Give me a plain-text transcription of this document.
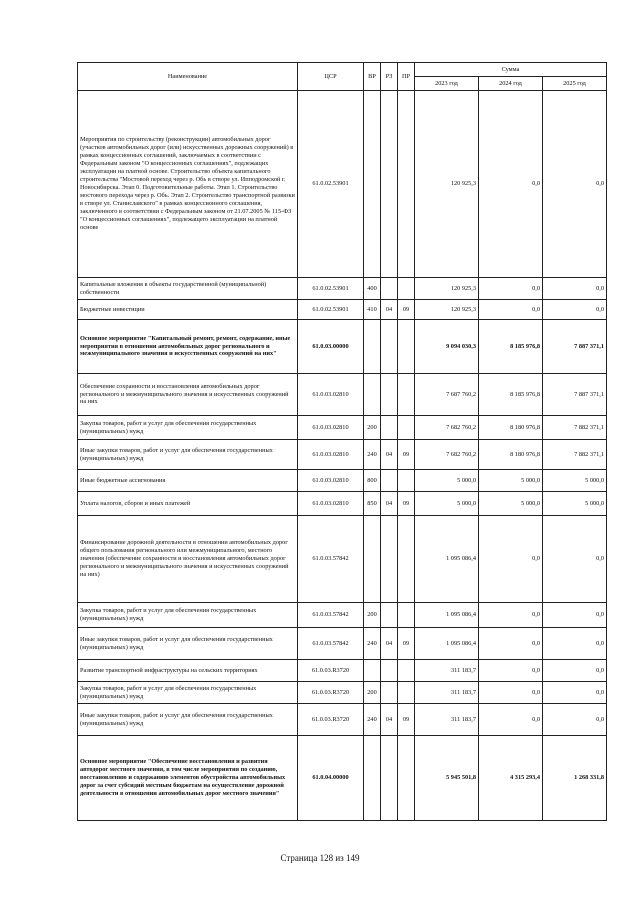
Наименование	ЦСР	ВР	РЗ	ПР	Сумма		
					2023 год	2024 год	2025 год
Мероприятия по строительству (реконструкции) автомобильных дорог (участков автомобильных дорог (или) искусственных дорожных сооружений) в рамках концессионных соглашений, заключаемых в соответствии с Федеральным законом "О концессионных соглашениях", подлежащих эксплуатации на платной основе. Строительство объекта капитального строительства "Мостовой переход через р. Обь в створе ул. Ипподромской г. Новосибирска. Этап 0. Подготовительные работы. Этап 1. Строительство мостового перехода через р. Обь. Этап 2. Строительство транспортной развязки в створе ул. Станиславского" в рамках концессионного соглашения, заключенного в соответствии с Федеральным законом от 21.07.2005 № 115-ФЗ "О концессионных соглашениях", подлежащего эксплуатации на платной основе	61.0.02.53901				120 925,3	0,0	0,0
Капитальные вложения в объекты государственной (муниципальной) собственности	61.0.02.53901	400			120 925,3	0,0	0,0
Бюджетные инвестиции	61.0.02.53901	410	04	09	120 925,3	0,0	0,0
Основное мероприятие "Капитальный ремонт, ремонт, содержание, иные мероприятия в отношении автомобильных дорог регионального и межмуниципального значения и искусственных сооружений на них"	61.0.03.00000				9 094 030,3	8 185 976,8	7 887 371,1
Обеспечение сохранности и восстановления автомобильных дорог регионального и межмуниципального значения и искусственных сооружений на них	61.0.03.02810				7 687 760,2	8 185 976,8	7 887 371,1
Закупка товаров, работ и услуг для обеспечения государственных (муниципальных) нужд	61.0.03.02810	200			7 682 760,2	8 180 976,8	7 882 371,1
Иные закупки товаров, работ и услуг для обеспечения государственных (муниципальных) нужд	61.0.03.02810	240	04	09	7 682 760,2	8 180 976,8	7 882 371,1
Иные бюджетные ассигнования	61.0.03.02810	800			5 000,0	5 000,0	5 000,0
Уплата налогов, сборов и иных платежей	61.0.03.02810	850	04	09	5 000,0	5 000,0	5 000,0
Финансирование дорожной деятельности в отношении автомобильных дорог общего пользования регионального или межмуниципального, местного значения (обеспечение сохранности и восстановления автомобильных дорог регионального и межмуниципального значения и искусственных сооружений на них)	61.0.03.57842				1 095 086,4	0,0	0,0
Закупка товаров, работ и услуг для обеспечения государственных (муниципальных) нужд	61.0.03.57842	200			1 095 086,4	0,0	0,0
Иные закупки товаров, работ и услуг для обеспечения государственных (муниципальных) нужд	61.0.03.57842	240	04	09	1 095 086,4	0,0	0,0
Развитие транспортной инфраструктуры на сельских территориях	61.0.03.R3720				311 183,7	0,0	0,0
Закупка товаров, работ и услуг для обеспечения государственных (муниципальных) нужд	61.0.03.R3720	200			311 183,7	0,0	0,0
Иные закупки товаров, работ и услуг для обеспечения государственных (муниципальных) нужд	61.0.03.R3720	240	04	09	311 183,7	0,0	0,0
Основное мероприятие "Обеспечение восстановления и развития автодорог местного значения, в том числе мероприятия по созданию, восстановлению и содержанию элементов обустройства автомобильных дорог за счет субсидий местным бюджетам на осуществление дорожной деятельности в отношении автомобильных дорог местного значения"	61.0.04.00000				5 945 501,8	4 315 293,4	1 268 331,8
Страница 128 из 149
